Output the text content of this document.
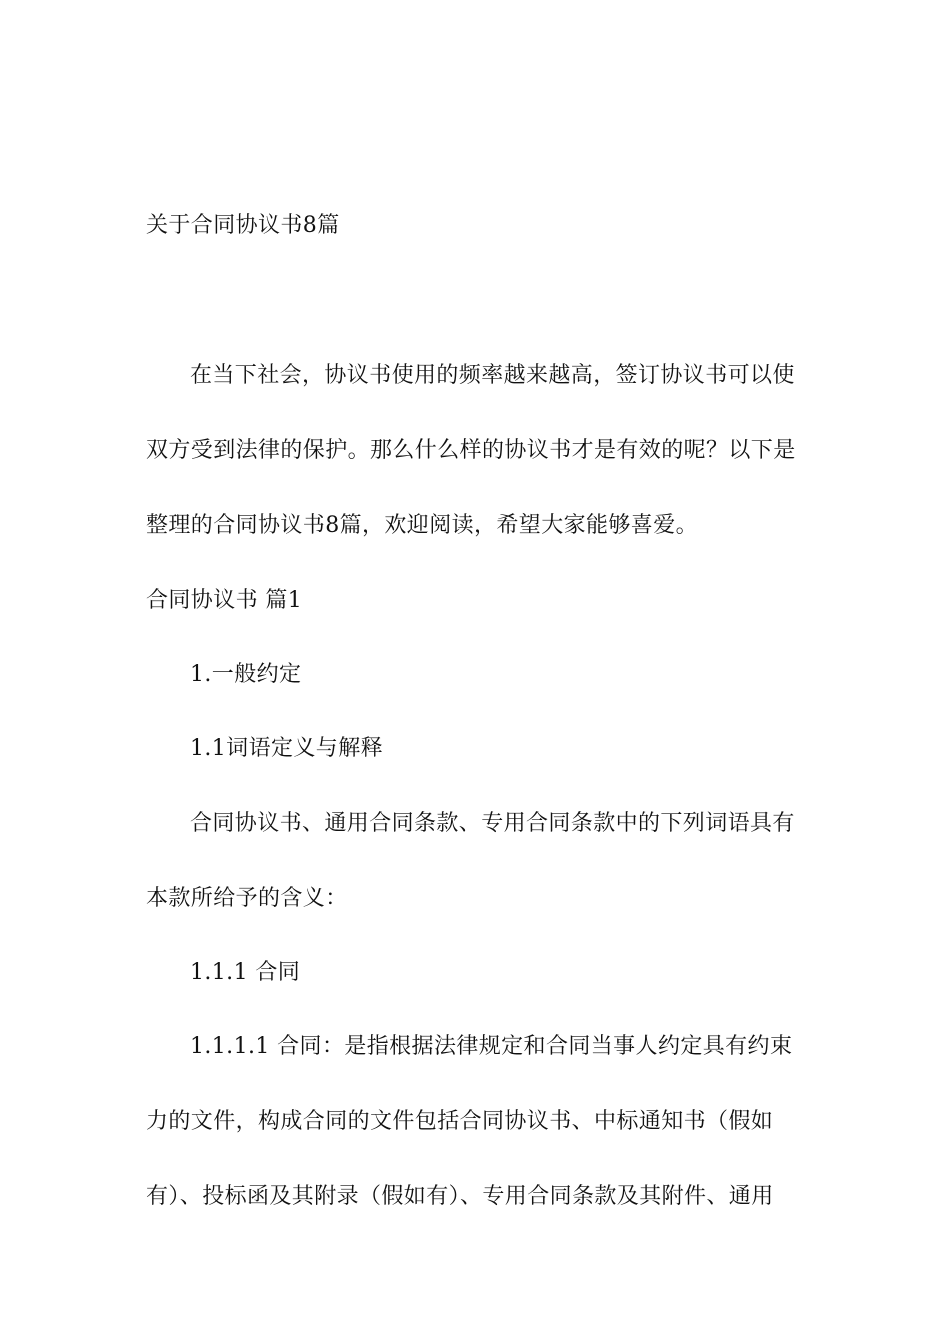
关于合同协议书8篇
在当下社会，协议书使用的频率越来越高，签订协议书可以使
双方受到法律的保护。那么什么样的协议书才是有效的呢？以下是
整理的合同协议书8篇，欢迎阅读，希望大家能够喜爱。
合同协议书 篇1
1.一般约定
1.1词语定义与解释
合同协议书、通用合同条款、专用合同条款中的下列词语具有
本款所给予的含义：
1.1.1 合同
1.1.1.1 合同：是指根据法律规定和合同当事人约定具有约束
力的文件，构成合同的文件包括合同协议书、中标通知书（假如
有）、投标函及其附录（假如有）、专用合同条款及其附件、通用
